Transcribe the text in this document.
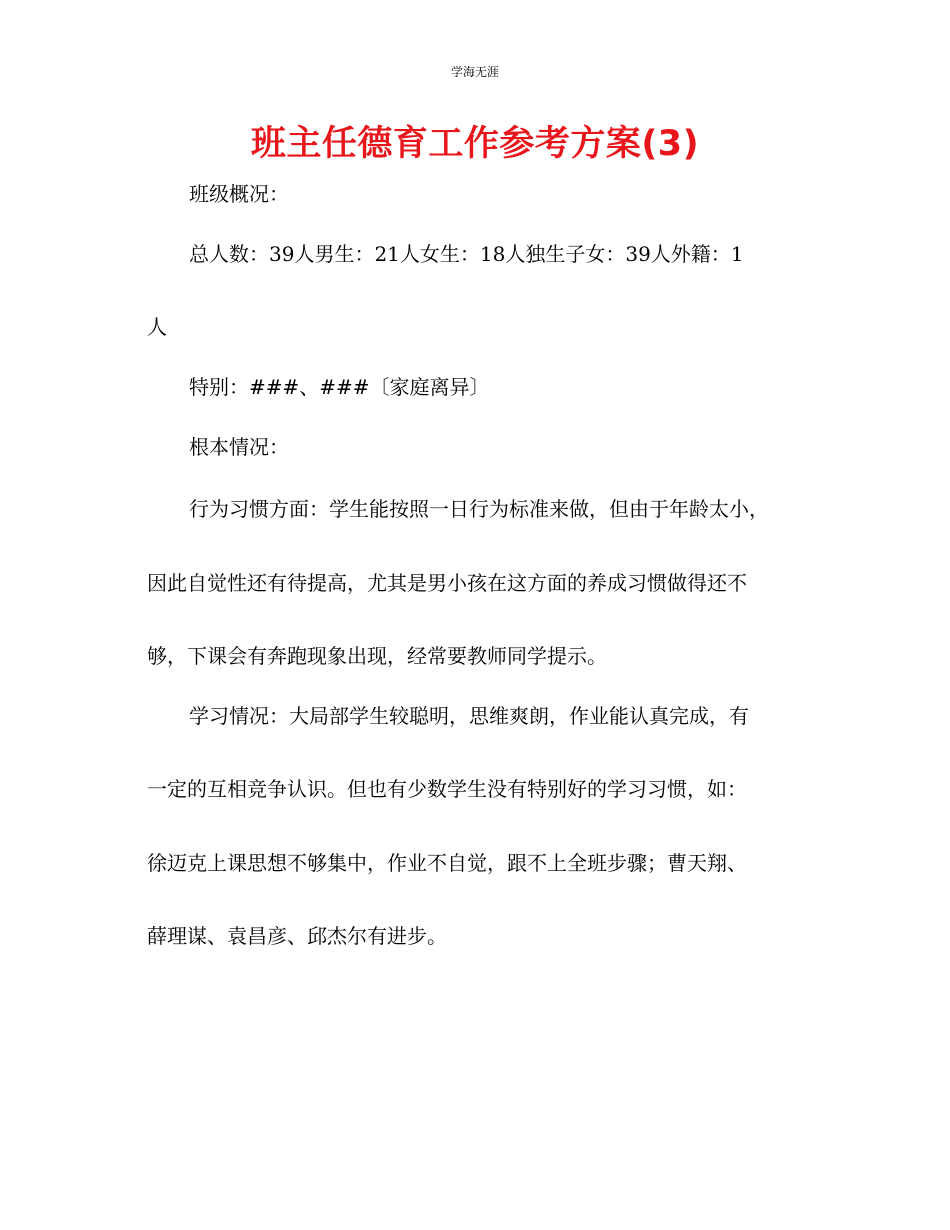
学海无涯
班主任德育工作参考方案(3)
班级概况：
总人数：39人男生：21人女生：18人独生子女：39人外籍：1
人
特别：###、###〔家庭离异〕
根本情况：
行为习惯方面：学生能按照一日行为标准来做，但由于年龄太小，
因此自觉性还有待提高，尤其是男小孩在这方面的养成习惯做得还不
够，下课会有奔跑现象出现，经常要教师同学提示。
学习情况：大局部学生较聪明，思维爽朗，作业能认真完成，有
一定的互相竞争认识。但也有少数学生没有特别好的学习习惯，如：
徐迈克上课思想不够集中，作业不自觉，跟不上全班步骤；曹天翔、
薛理谋、袁昌彦、邱杰尔有进步。
